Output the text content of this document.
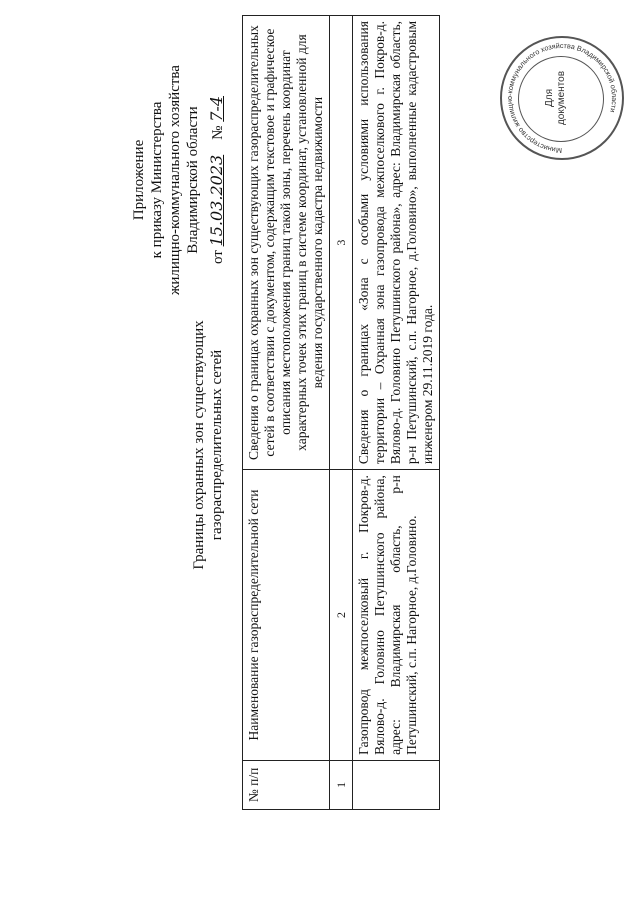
Приложение к приказу Министерства жилищно-коммунального хозяйства Владимирской области
от 15.03.2023    № 7-4
Границы охранных зон существующих газораспределительных сетей
№ п/п	Наименование газораспределительной сети	Сведения о границах охранных зон существующих газораспределительных сетей в соответствии с документом, содержащим текстовое и графическое описания местоположения границ такой зоны, перечень координат характерных точек этих границ в системе координат, установленной для ведения государственного кадастра недвижимости
1	2	3
	Газопровод межпоселковый г. Покров-д. Вялово-д. Головино Петушинского района, адрес: Владимирская область, р-н Петушинский, с.п. Нагорное, д.Головино.	Сведения о границах «Зона с особыми условиями использования территории – Охранная зона газопровода межпоселкового г. Покров-д. Вялово-д. Головино Петушинского района», адрес: Владимирская область, р-н Петушинский, с.п. Нагорное, д.Головино», выполненные кадастровым инженером 29.11.2019 года.
Министерство жилищно-коммунального хозяйства Владимирской области
Для документов
